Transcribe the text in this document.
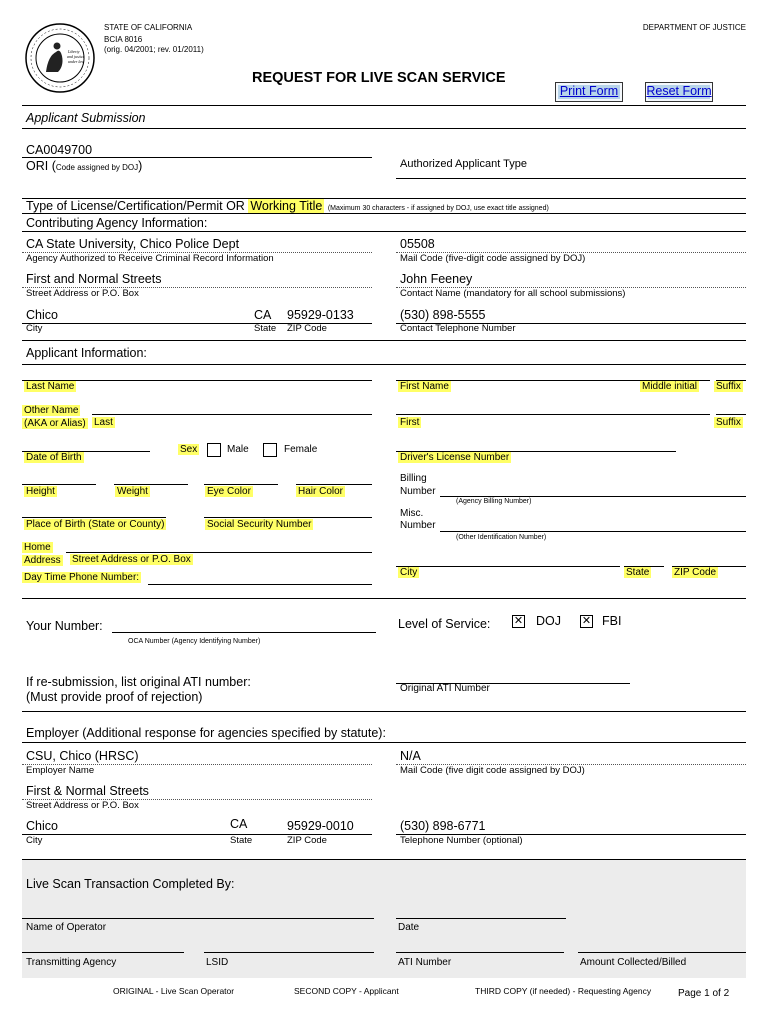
Liberty
and justice
under law
STATE OF CALIFORNIA
BCIA 8016
(orig. 04/2001; rev. 01/2011)
DEPARTMENT OF JUSTICE
REQUEST FOR LIVE SCAN SERVICE
Print Form	Reset Form
Applicant Submission
CA0049700
ORI (Code assigned by DOJ)	Authorized Applicant Type
Type of License/Certification/Permit OR Working Title (Maximum 30 characters - if assigned by DOJ, use exact title assigned)
Contributing Agency Information:
CA State University, Chico Police Dept
Agency Authorized to Receive Criminal Record Information
05508
Mail Code (five-digit code assigned by DOJ)
First and Normal Streets
Street Address or P.O. Box
John Feeney
Contact Name (mandatory for all school submissions)
Chico	CA 95929-0133
City	State ZIP Code
(530) 898-5555
Contact Telephone Number
Applicant Information:
Last Name	First Name	Middle initial Suffix
Other Name
(AKA or Alias) Last	First	Suffix
Date of Birth
Sex	Male	Female
Driver's License Number
Height	Weight	Eye Color	Hair Color
Billing
Number
(Agency Billing Number)
Place of Birth (State or County)	Social Security Number
Misc.
Number
(Other Identification Number)
Home
Address Street Address or P.O. Box
City	State ZIP Code
Day Time Phone Number:
Your Number:
OCA Number (Agency Identifying Number)
Level of Service: ✕ DOJ ✕ FBI
If re-submission, list original ATI number:
(Must provide proof of rejection)
Original ATI Number
Employer (Additional response for agencies specified by statute):
CSU, Chico (HRSC)
Employer Name
N/A
Mail Code (five digit code assigned by DOJ)
First & Normal Streets
Street Address or P.O. Box
Chico	CA	95929-0010
City	State	ZIP Code
(530) 898-6771
Telephone Number (optional)
Live Scan Transaction Completed By:
Name of Operator	Date
Transmitting Agency	LSID	ATI Number	Amount Collected/Billed
ORIGINAL - Live Scan Operator	SECOND COPY - Applicant	THIRD COPY (if needed) - Requesting Agency	Page 1 of 2
